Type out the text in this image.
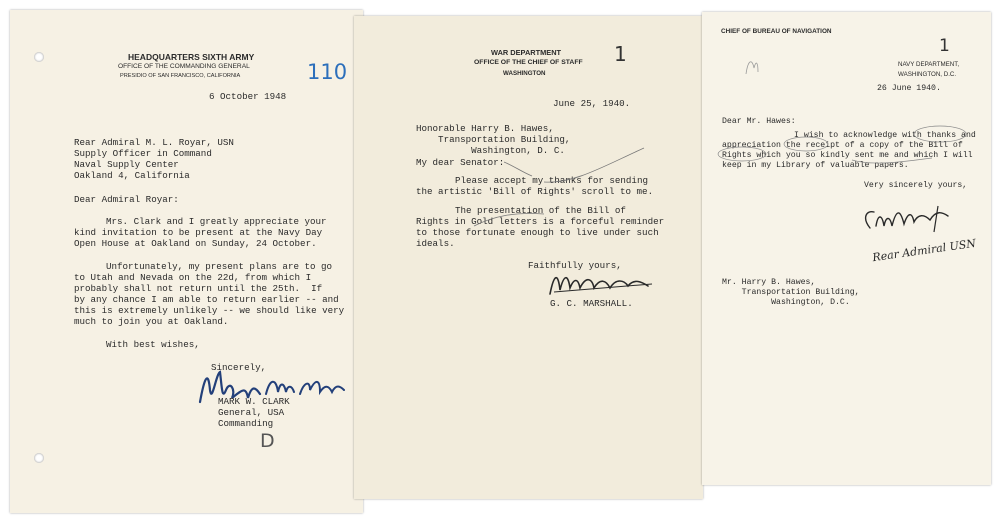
HEADQUARTERS SIXTH ARMY
OFFICE OF THE COMMANDING GENERAL
PRESIDIO OF SAN FRANCISCO, CALIFORNIA	110
6 October 1948
Rear Admiral M. L. Royar, USN
Supply Officer in Command
Naval Supply Center
Oakland 4, California
Dear Admiral Royar:
Mrs. Clark and I greatly appreciate your
kind invitation to be present at the Navy Day
Open House at Oakland on Sunday, 24 October.
Unfortunately, my present plans are to go
to Utah and Nevada on the 22d, from which I
probably shall not return until the 25th.  If
by any chance I am able to return earlier -- and
this is extremely unlikely -- we should like very
much to join you at Oakland.
With best wishes,
Sincerely,
MARK W. CLARK
General, USA
Commanding
D
WAR DEPARTMENT
OFFICE OF THE CHIEF OF STAFF
WASHINGTON
1
June 25, 1940.
Honorable Harry B. Hawes,
Transportation Building,
Washington, D. C.
My dear Senator:
Please accept my thanks for sending
the artistic 'Bill of Rights' scroll to me.
The presentation of the Bill of
Rights in Gold letters is a forceful reminder
to those fortunate enough to live under such
ideals.
Faithfully yours,
G. C. MARSHALL.
CHIEF OF BUREAU OF NAVIGATION
1
NAVY DEPARTMENT,
WASHINGTON, D.C.
26 June 1940.
Dear Mr. Hawes:
I wish to acknowledge with thanks and
appreciation the receipt of a copy of the Bill of
Rights which you so kindly sent me and which I will
keep in my Library of valuable papers.
Very sincerely yours,
Rear Admiral USN
Mr. Harry B. Hawes,
Transportation Building,
Washington, D.C.
